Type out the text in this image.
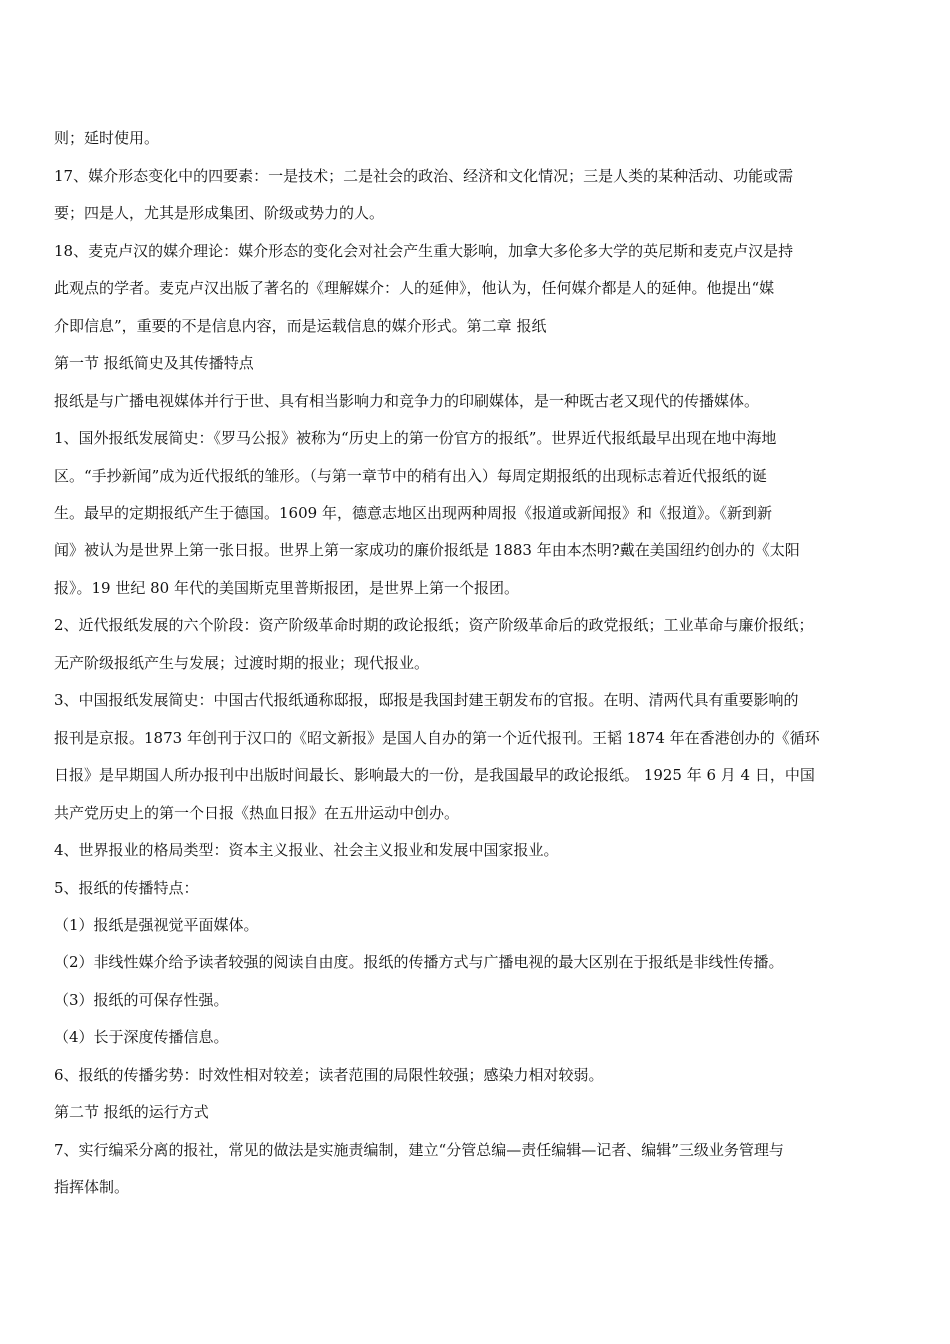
则；延时使用。
17、媒介形态变化中的四要素：一是技术；二是社会的政治、经济和文化情况；三是人类的某种活动、功能或需
要；四是人，尤其是形成集团、阶级或势力的人。
18、麦克卢汉的媒介理论：媒介形态的变化会对社会产生重大影响，加拿大多伦多大学的英尼斯和麦克卢汉是持
此观点的学者。麦克卢汉出版了著名的《理解媒介：人的延伸》，他认为，任何媒介都是人的延伸。他提出“媒
介即信息”，重要的不是信息内容，而是运载信息的媒介形式。第二章 报纸
第一节 报纸简史及其传播特点
报纸是与广播电视媒体并行于世、具有相当影响力和竞争力的印刷媒体，是一种既古老又现代的传播媒体。
1、国外报纸发展简史：《罗马公报》被称为“历史上的第一份官方的报纸”。世界近代报纸最早出现在地中海地
区。“手抄新闻”成为近代报纸的雏形。（与第一章节中的稍有出入）每周定期报纸的出现标志着近代报纸的诞
生。最早的定期报纸产生于德国。1609 年，德意志地区出现两种周报《报道或新闻报》和《报道》。《新到新
闻》被认为是世界上第一张日报。世界上第一家成功的廉价报纸是 1883 年由本杰明?戴在美国纽约创办的《太阳
报》。19 世纪 80 年代的美国斯克里普斯报团，是世界上第一个报团。
2、近代报纸发展的六个阶段：资产阶级革命时期的政论报纸；资产阶级革命后的政党报纸；工业革命与廉价报纸；
无产阶级报纸产生与发展；过渡时期的报业；现代报业。
3、中国报纸发展简史：中国古代报纸通称邸报，邸报是我国封建王朝发布的官报。在明、清两代具有重要影响的
报刊是京报。1873 年创刊于汉口的《昭文新报》是国人自办的第一个近代报刊。王韬 1874 年在香港创办的《循环
日报》是早期国人所办报刊中出版时间最长、影响最大的一份，是我国最早的政论报纸。 1925 年 6 月 4 日，中国
共产党历史上的第一个日报《热血日报》在五卅运动中创办。
4、世界报业的格局类型：资本主义报业、社会主义报业和发展中国家报业。
5、报纸的传播特点：
（1）报纸是强视觉平面媒体。
（2）非线性媒介给予读者较强的阅读自由度。报纸的传播方式与广播电视的最大区别在于报纸是非线性传播。
（3）报纸的可保存性强。
（4）长于深度传播信息。
6、报纸的传播劣势：时效性相对较差；读者范围的局限性较强；感染力相对较弱。
第二节 报纸的运行方式
7、实行编采分离的报社，常见的做法是实施责编制，建立“分管总编—责任编辑—记者、编辑”三级业务管理与
指挥体制。
